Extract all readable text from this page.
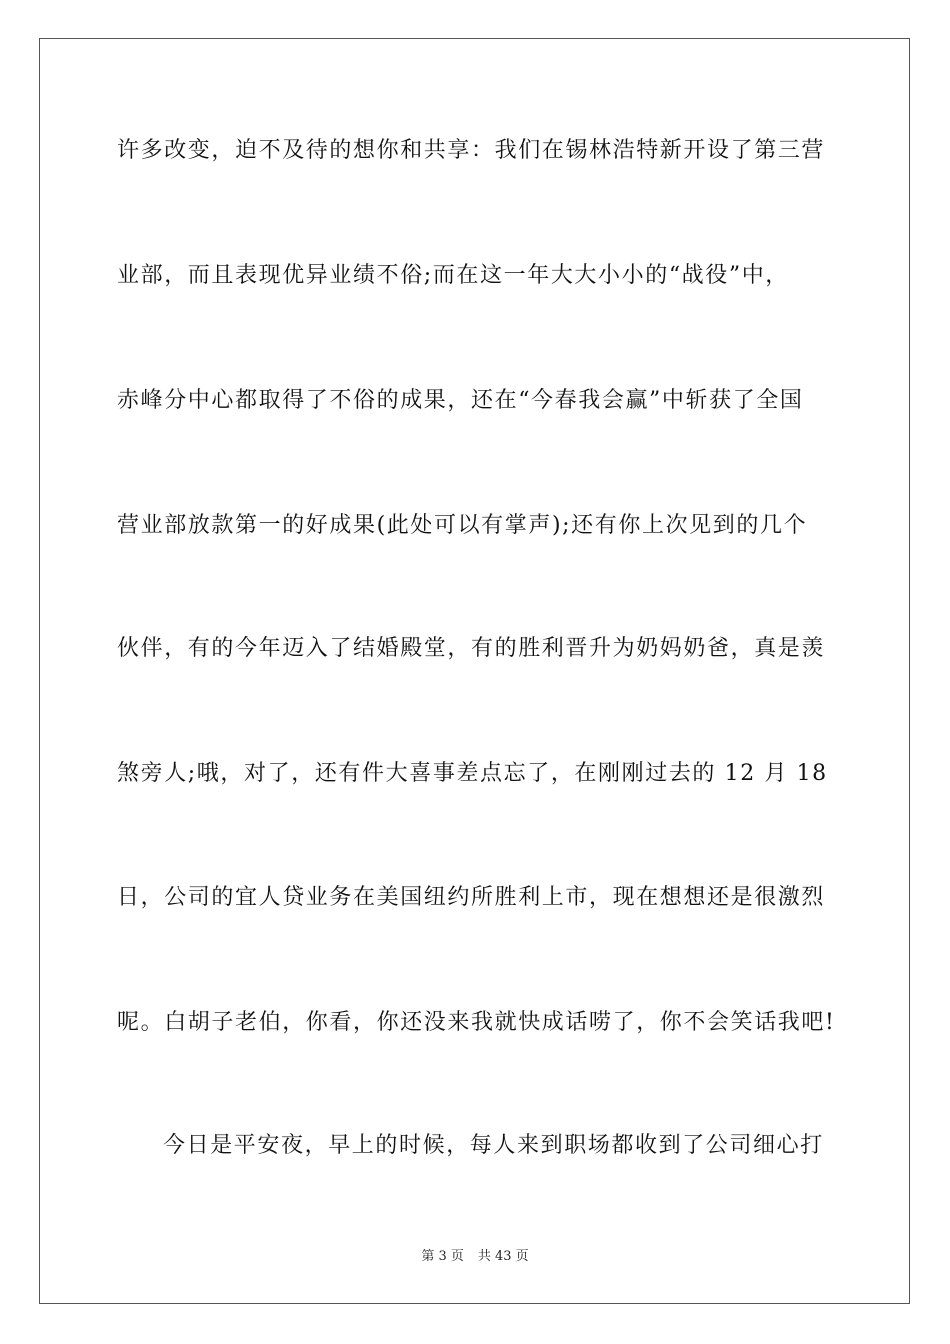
许多改变，迫不及待的想你和共享：我们在锡林浩特新开设了第三营
业部，而且表现优异业绩不俗;而在这一年大大小小的“战役”中，
赤峰分中心都取得了不俗的成果，还在“今春我会赢”中斩获了全国
营业部放款第一的好成果(此处可以有掌声);还有你上次见到的几个
伙伴，有的今年迈入了结婚殿堂，有的胜利晋升为奶妈奶爸，真是羡
煞旁人;哦，对了，还有件大喜事差点忘了，在刚刚过去的 12 月 18
日，公司的宜人贷业务在美国纽约所胜利上市，现在想想还是很激烈
呢。白胡子老伯，你看，你还没来我就快成话唠了，你不会笑话我吧!
今日是平安夜，早上的时候，每人来到职场都收到了公司细心打
第 3 页 共 43 页
